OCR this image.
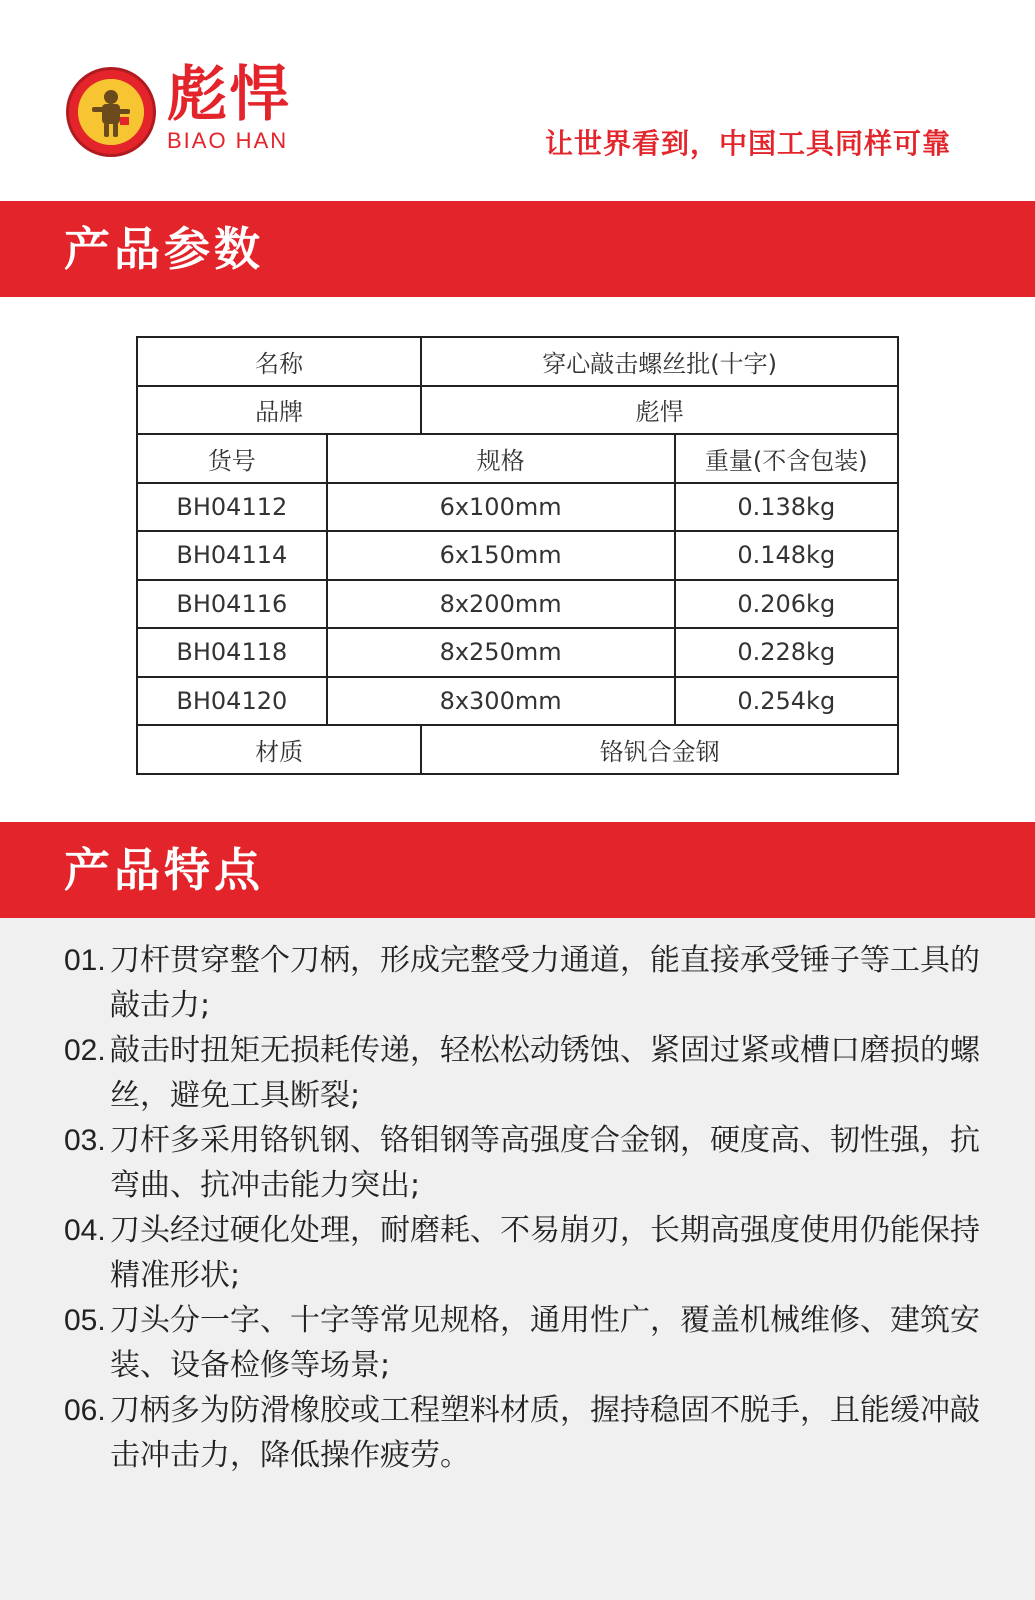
彪悍
BIAO HAN	让世界看到，中国工具同样可靠
产品参数
名称		穿心敲击螺丝批(十字)	
品牌		彪悍	
货号	规格		重量(不含包装)
BH04112	6x100mm		0.138kg
BH04114	6x150mm		0.148kg
BH04116	8x200mm		0.206kg
BH04118	8x250mm		0.228kg
BH04120	8x300mm		0.254kg
材质		铬钒合金钢	
产品特点
01. 刀杆贯穿整个刀柄，形成完整受力通道，能直接承受锤子等工具的敲击力;
02. 敲击时扭矩无损耗传递，轻松松动锈蚀、紧固过紧或槽口磨损的螺丝，避免工具断裂;
03. 刀杆多采用铬钒钢、铬钼钢等高强度合金钢，硬度高、韧性强，抗弯曲、抗冲击能力突出;
04. 刀头经过硬化处理，耐磨耗、不易崩刃，长期高强度使用仍能保持精准形状;
05. 刀头分一字、十字等常见规格，通用性广，覆盖机械维修、建筑安装、设备检修等场景;
06. 刀柄多为防滑橡胶或工程塑料材质，握持稳固不脱手，且能缓冲敲击冲击力，降低操作疲劳。
